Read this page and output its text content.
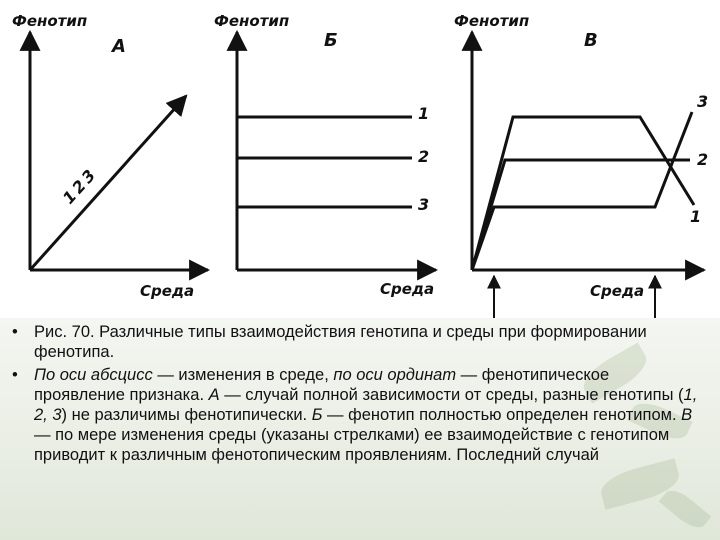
Фенотип
А
Среда
1
2
3
Фенотип
Б
Среда
1
2
3
Фенотип
В
Среда
3
2
1
• Рис. 70. Различные типы взаимодействия генотипа и среды при формировании фенотипа.
• По оси абсцисс — изменения в среде, по оси ординат — фенотипическое проявление признака. А — случай полной зависимости от среды, разные генотипы (1, 2, 3) не различимы фенотипически. Б — фенотип полностью определен генотипом. В — по мере изменения среды (указаны стрелками) ее взаимодействие с генотипом приводит к различным фенотопическим проявлениям. Последний случай
